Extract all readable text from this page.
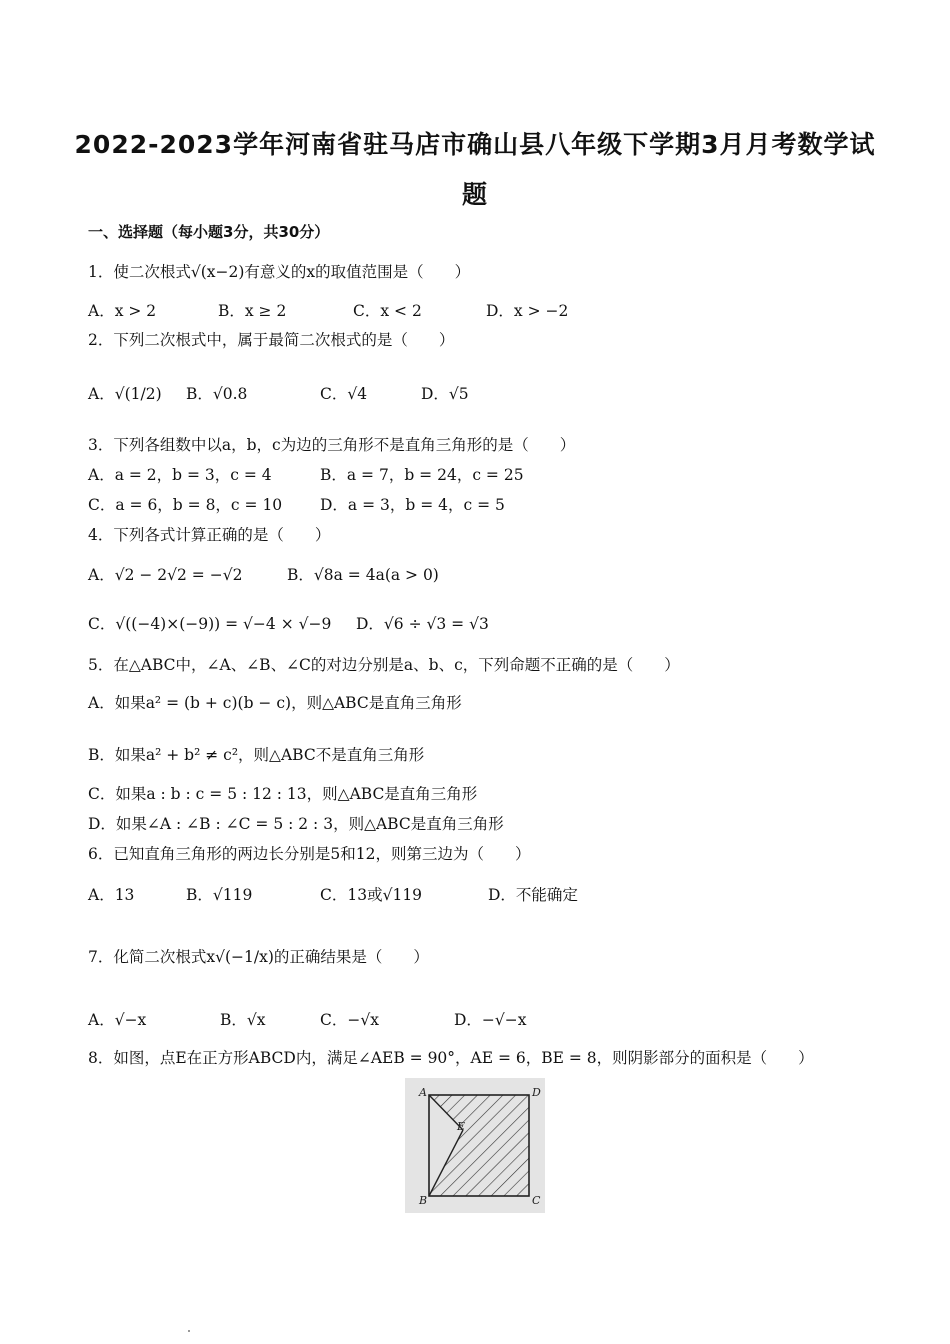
2022-2023学年河南省驻马店市确山县八年级下学期3月月考数学试
题
一、选择题（每小题3分，共30分）
1．使二次根式√(x−2)有意义的x的取值范围是（　　）
A．x > 2	B．x ≥ 2	C．x < 2	D．x > −2
2．下列二次根式中，属于最简二次根式的是（　　）
A．√(1/2) B．√0.8	C．√4	D．√5
3．下列各组数中以a，b，c为边的三角形不是直角三角形的是（　　）
A．a = 2，b = 3，c = 4	B．a = 7，b = 24，c = 25
C．a = 6，b = 8，c = 10 D．a = 3，b = 4，c = 5
4．下列各式计算正确的是（　　）
A．√2 − 2√2 = −√2	B．√8a = 4a(a > 0)
C．√((−4)×(−9)) = √−4 × √−9 D．√6 ÷ √3 = √3
5．在△ABC中，∠A、∠B、∠C的对边分别是a、b、c，下列命题不正确的是（　　）
A．如果a² = (b + c)(b − c)，则△ABC是直角三角形
B．如果a² + b² ≠ c²，则△ABC不是直角三角形
C．如果a : b : c = 5 : 12 : 13，则△ABC是直角三角形
D．如果∠A : ∠B : ∠C = 5 : 2 : 3，则△ABC是直角三角形
6．已知直角三角形的两边长分别是5和12，则第三边为（　　）
A．13	B．√119	C．13或√119	D．不能确定
7．化简二次根式x√(−1/x)的正确结果是（　　）
A．√−x	B．√x	C．−√x	D．−√−x
8．如图，点E在正方形ABCD内，满足∠AEB = 90°，AE = 6，BE = 8，则阴影部分的面积是（　　）
A	D
E
B	C
